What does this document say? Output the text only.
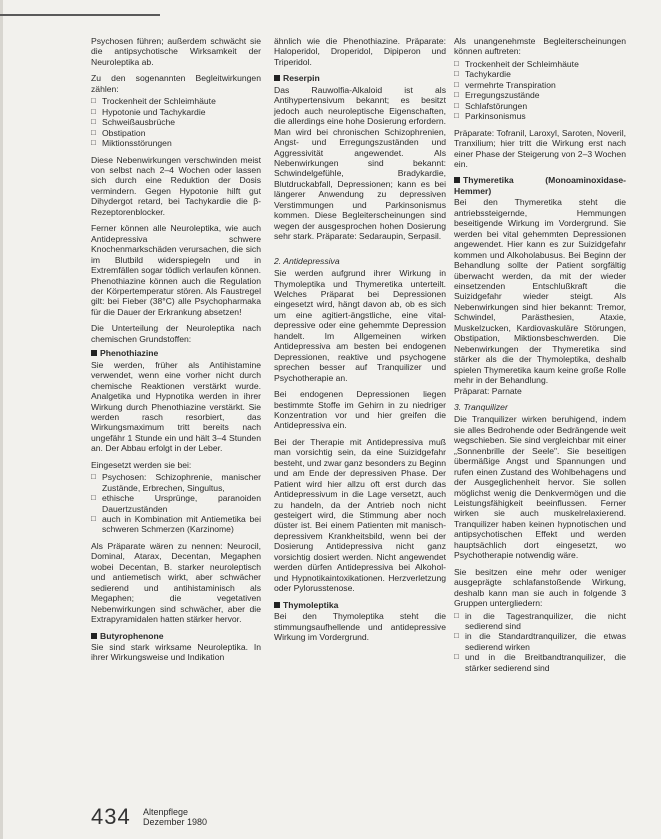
Psychosen führen; außerdem schwächt sie die antipsychotische Wirksamkeit der Neuroleptika ab.

Zu den sogenannten Begleitwirkungen zählen:

□ Trockenheit der Schleimhäute
□ Hypotonie und Tachykardie
□ Schweißausbrüche
□ Obstipation
□ Miktionsstörungen

Diese Nebenwirkungen verschwinden meist von selbst nach 2–4 Wochen oder lassen sich durch eine Reduktion der Dosis vermindern. Gegen Hypotonie hilft gut Dihydergot retard, bei Tachykardie die β-Rezeptorenblocker.

Ferner können alle Neuroleptika, wie auch Antidepressiva schwere Knochenmarkschäden verursachen, die sich im Blutbild widerspiegeln und in Extremfällen sogar tödlich verlaufen können. Phenothiazine können auch die Regulation der Körpertemperatur stören. Als Faustregel gilt: bei Fieber (38°C) alle Psychopharmaka für die Dauer der Erkrankung absetzen!

Die Unterteilung der Neuroleptika nach chemischen Grundstoffen:

Phenothiazine

Sie werden, früher als Antihistamine verwendet, wenn eine vorher nicht durch chemische Reaktionen verstärkt wurde. Analgetika und Hypnotika werden in ihrer Wirkung durch Phenothiazine verstärkt. Sie werden rasch resorbiert, das Wirkungsmaximum tritt bereits nach ungefähr 1 Stunde ein und hält 3–4 Stunden an. Der Abbau erfolgt in der Leber.

Eingesetzt werden sie bei:

□ Psychosen: Schizophrenie, manischer Zustände, Erbrechen, Singultus,
□ ethische Ursprünge, paranoiden Dauertzuständen
□ auch in Kombination mit Antiemetika bei schweren Schmerzen (Karzinome)

Als Präparate wären zu nennen: Neurocil, Dominal, Atarax, Decentan, Megaphen wobei Decentan, B. starker neuroleptisch und antiemetisch wirkt, aber schwächer sedierend und antihistaminisch als Megaphen; die vegetativen Nebenwirkungen sind schwächer, aber die Extrapyramidalen hatten stärker hervor.

Butyrophenone

Sie sind stark wirksame Neuroleptika. In ihrer Wirkungsweise und Indikation

ähnlich wie die Phenothiazine. Präparate: Haloperidol, Droperidol, Dipiperon und Triperidol.

Reserpin

Das Rauwolfia-Alkaloid ist als Antihypertensivum bekannt; es besitzt jedoch auch neuroleptische Eigenschaften, die allerdings eine hohe Dosierung erfordern. Man wird bei chronischen Schizophrenien, Angst- und Erregungszuständen und Aggressivität angewendet. Als Nebenwirkungen sind bekannt: Schwindelgefühle, Bradykardie, Blutdruckabfall, Depressionen; kann es bei längerer Anwendung zu depressiven Verstimmungen und Parkinsonismus kommen. Diese Begleiterscheinungen sind wegen der ausgesprochen hohen Dosierung sehr stark. Präparate: Sedaraupin, Serpasil.

2. Antidepressiva

Sie werden aufgrund ihrer Wirkung in Thymoleptika und Thymeretika unterteilt. Welches Präparat bei Depressionen eingesetzt wird, hängt davon ab, ob es sich um eine agitiert-ängstliche, eine vital-depressive oder eine gehemmte Depression handelt. Im Allgemeinen wirken Antidepressiva am besten bei endogenen Depressionen, reaktive und psychogene sprechen besser auf Tranquilizer und Psychotherapie an.

Bei endogenen Depressionen liegen bestimmte Stoffe im Gehirn in zu niedriger Konzentration vor und hier greifen die Antidepressiva ein.

Bei der Therapie mit Antidepressiva muß man vorsichtig sein, da eine Suizidgefahr besteht, und zwar ganz besonders zu Beginn und am Ende der depressiven Phase. Der Patient wird hier allzu oft erst durch das Antidepressivum in die Lage versetzt, auch zu handeln, da der Antrieb noch nicht gesteigert wird, die Stimmung aber noch düster ist. Bei einem Patienten mit manisch-depressivem Krankheitsbild, wenn bei der Dosierung Antidepressiva nicht ganz vorsichtig dosiert werden. Nicht angewendet werden dürfen Antidepressiva bei Alkohol- und Hypnotikaintoxikationen. Herzverletzung oder Pylorusstenose.

Thymoleptika

Bei den Thymoleptika steht die stimmungsaufhellende und antidepressive Wirkung im Vordergrund.

Als unangenehmste Begleiterscheinungen können auftreten:

□ Trockenheit der Schleimhäute
□ Tachykardie
□ vermehrte Transpiration
□ Erregungszustände
□ Schlafstörungen
□ Parkinsonismus

Präparate: Tofranil, Laroxyl, Saroten, Noveril, Tranxilium; hier tritt die Wirkung erst nach einer Phase der Steigerung von 2–3 Wochen ein.

Thymeretika (Monoaminoxidase-Hemmer)

Bei den Thymeretika steht die antriebssteigernde, Hemmungen beseitigende Wirkung im Vordergrund. Sie werden bei vital gehemmten Depressionen angewendet. Hier kann es zur Suizidgefahr kommen und Alkoholabusus. Bei Beginn der Behandlung sollte der Patient sorgfältig überwacht werden, da mit der wieder einsetzenden Entschlußkraft die Suizidgefahr wieder steigt. Als Nebenwirkungen sind hier bekannt: Tremor, Schwindel, Parästhesien, Ataxie, Muskelzucken, Kardiovaskuläre Störungen, Obstipation, Miktionsbeschwerden. Die Nebenwirkungen der Thymeretika sind stärker als die der Thymoleptika, deshalb spielen Thymeretika kaum keine große Rolle mehr in der Behandlung.

Präparat: Parnate

3. Tranquilizer

Die Tranquilizer wirken beruhigend, indem sie alles Bedrohende oder Bedrängende weit wegschieben. Sie sind vergleichbar mit einer „Sonnenbrille der Seele". Sie beseitigen übermäßige Angst und Spannungen und rufen einen Zustand des Wohlbehagens und der Ausgeglichenheit hervor. Sie sollen möglichst wenig die Denkvermögen und die Leistungsfähigkeit beeinflussen. Ferner wirken sie auch muskelrelaxierend. Tranquilizer haben keinen hypnotischen und antipsychotischen Effekt und werden hauptsächlich dort eingesetzt, wo Psychotherapie notwendig wäre.

Sie besitzen eine mehr oder weniger ausgeprägte schlafanstoßende Wirkung, deshalb kann man sie auch in folgende 3 Gruppen untergliedern:

□ in die Tagestranquilizer, die nicht sedierend sind
□ in die Standardtranquilizer, die etwas sedierend wirken
□ und in die Breitbandtranquilizer, die stärker sedierend sind
434 Altenpflege
Dezember 1980
